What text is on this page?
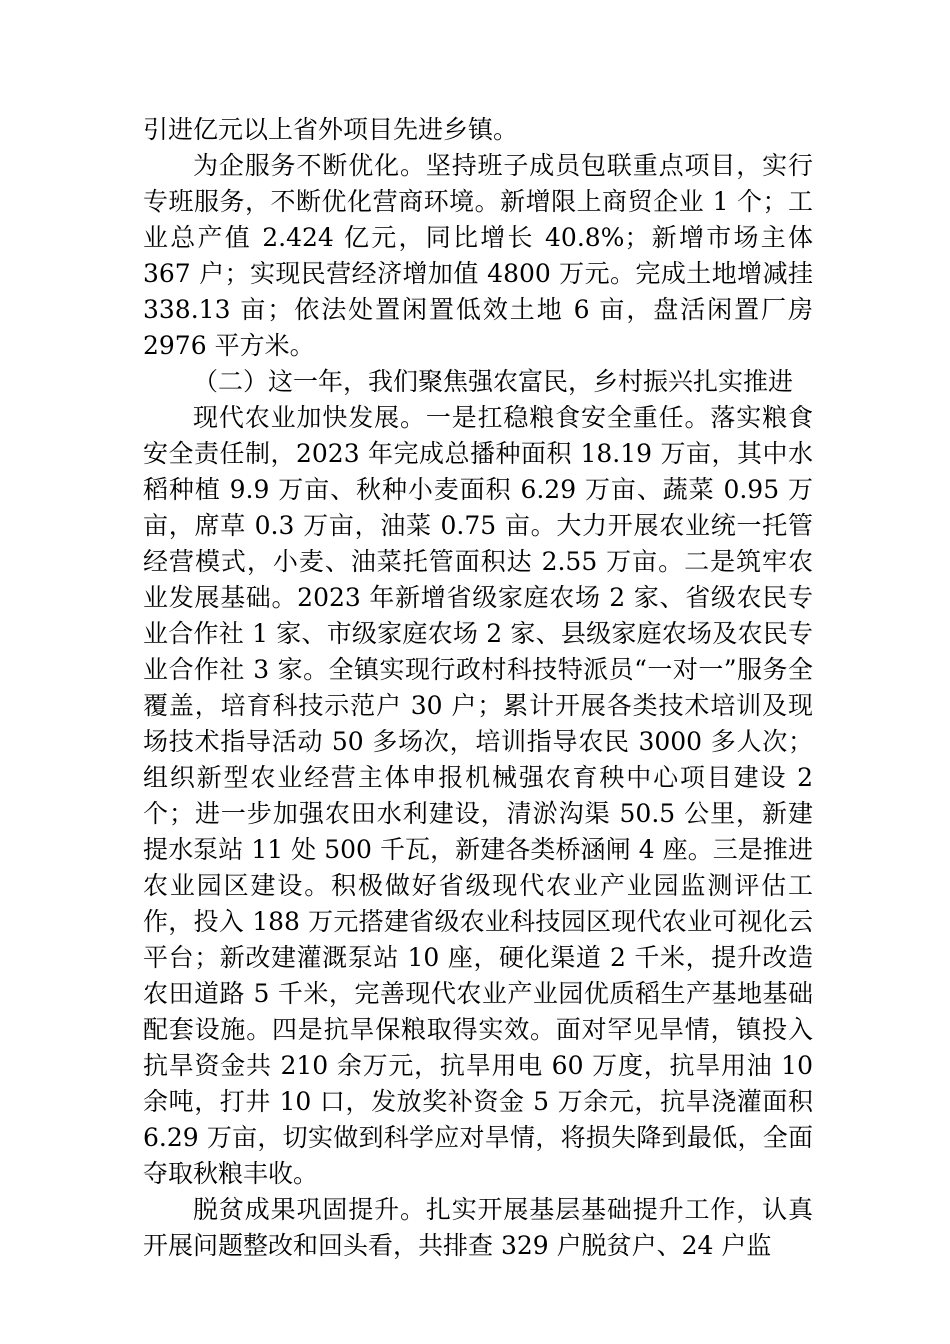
引进亿元以上省外项目先进乡镇。

为企服务不断优化。坚持班子成员包联重点项目，实行专班服务，不断优化营商环境。新增限上商贸企业 1 个；工业总产值 2.424 亿元，同比增长 40.8%；新增市场主体 367 户；实现民营经济增加值 4800 万元。完成土地增减挂 338.13 亩；依法处置闲置低效土地 6 亩，盘活闲置厂房 2976 平方米。

（二）这一年，我们聚焦强农富民，乡村振兴扎实推进

现代农业加快发展。一是扛稳粮食安全重任。落实粮食安全责任制，2023 年完成总播种面积 18.19 万亩，其中水稻种植 9.9 万亩、秋种小麦面积 6.29 万亩、蔬菜 0.95 万亩，席草 0.3 万亩，油菜 0.75 亩。大力开展农业统一托管经营模式，小麦、油菜托管面积达 2.55 万亩。二是筑牢农业发展基础。2023 年新增省级家庭农场 2 家、省级农民专业合作社 1 家、市级家庭农场 2 家、县级家庭农场及农民专业合作社 3 家。全镇实现行政村科技特派员“一对一”服务全覆盖，培育科技示范户 30 户；累计开展各类技术培训及现场技术指导活动 50 多场次，培训指导农民 3000 多人次；组织新型农业经营主体申报机械强农育秧中心项目建设 2 个；进一步加强农田水利建设，清淤沟渠 50.5 公里，新建提水泵站 11 处 500 千瓦，新建各类桥涵闸 4 座。三是推进农业园区建设。积极做好省级现代农业产业园监测评估工作，投入 188 万元搭建省级农业科技园区现代农业可视化云平台；新改建灌溉泵站 10 座，硬化渠道 2 千米，提升改造农田道路 5 千米，完善现代农业产业园优质稻生产基地基础配套设施。四是抗旱保粮取得实效。面对罕见旱情，镇投入抗旱资金共 210 余万元，抗旱用电 60 万度，抗旱用油 10 余吨，打井 10 口，发放奖补资金 5 万余元，抗旱浇灌面积 6.29 万亩，切实做到科学应对旱情，将损失降到最低，全面夺取秋粮丰收。

脱贫成果巩固提升。扎实开展基层基础提升工作，认真开展问题整改和回头看，共排查 329 户脱贫户、24 户监
